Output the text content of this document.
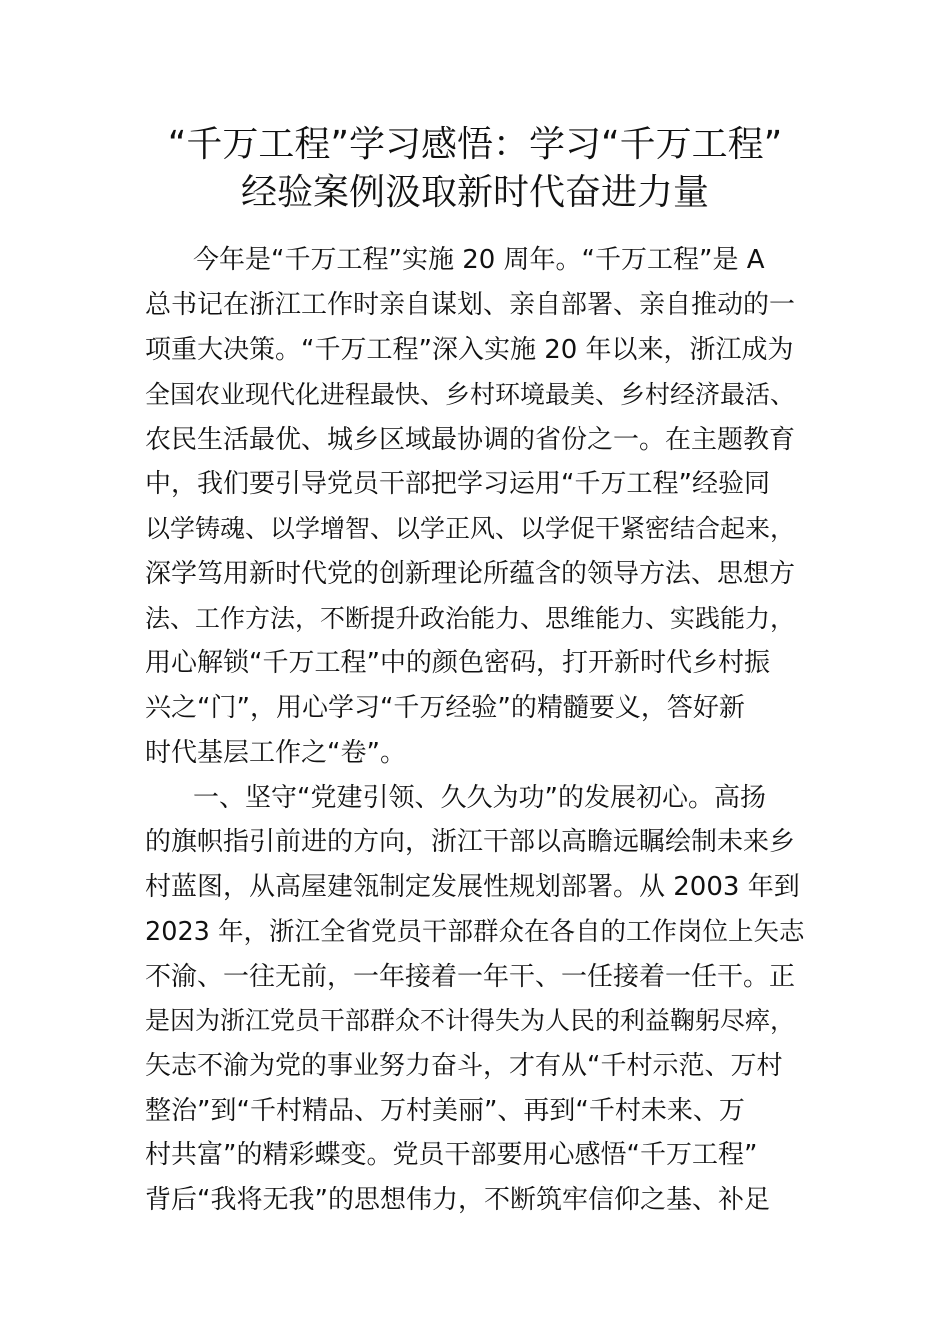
“千万工程”学习感悟：学习“千万工程”
经验案例汲取新时代奋进力量
今年是“千万工程”实施 20 周年。“千万工程”是 A
总书记在浙江工作时亲自谋划、亲自部署、亲自推动的一
项重大决策。“千万工程”深入实施 20 年以来，浙江成为
全国农业现代化进程最快、乡村环境最美、乡村经济最活、
农民生活最优、城乡区域最协调的省份之一。在主题教育
中，我们要引导党员干部把学习运用“千万工程”经验同
以学铸魂、以学增智、以学正风、以学促干紧密结合起来，
深学笃用新时代党的创新理论所蕴含的领导方法、思想方
法、工作方法，不断提升政治能力、思维能力、实践能力，
用心解锁“千万工程”中的颜色密码，打开新时代乡村振
兴之“门”，用心学习“千万经验”的精髓要义，答好新
时代基层工作之“卷”。
一、坚守“党建引领、久久为功”的发展初心。高扬
的旗帜指引前进的方向，浙江干部以高瞻远瞩绘制未来乡
村蓝图，从高屋建瓴制定发展性规划部署。从 2003 年到
2023 年，浙江全省党员干部群众在各自的工作岗位上矢志
不渝、一往无前，一年接着一年干、一任接着一任干。正
是因为浙江党员干部群众不计得失为人民的利益鞠躬尽瘁，
矢志不渝为党的事业努力奋斗，才有从“千村示范、万村
整治”到“千村精品、万村美丽”、再到“千村未来、万
村共富”的精彩蝶变。党员干部要用心感悟“千万工程”
背后“我将无我”的思想伟力，不断筑牢信仰之基、补足
